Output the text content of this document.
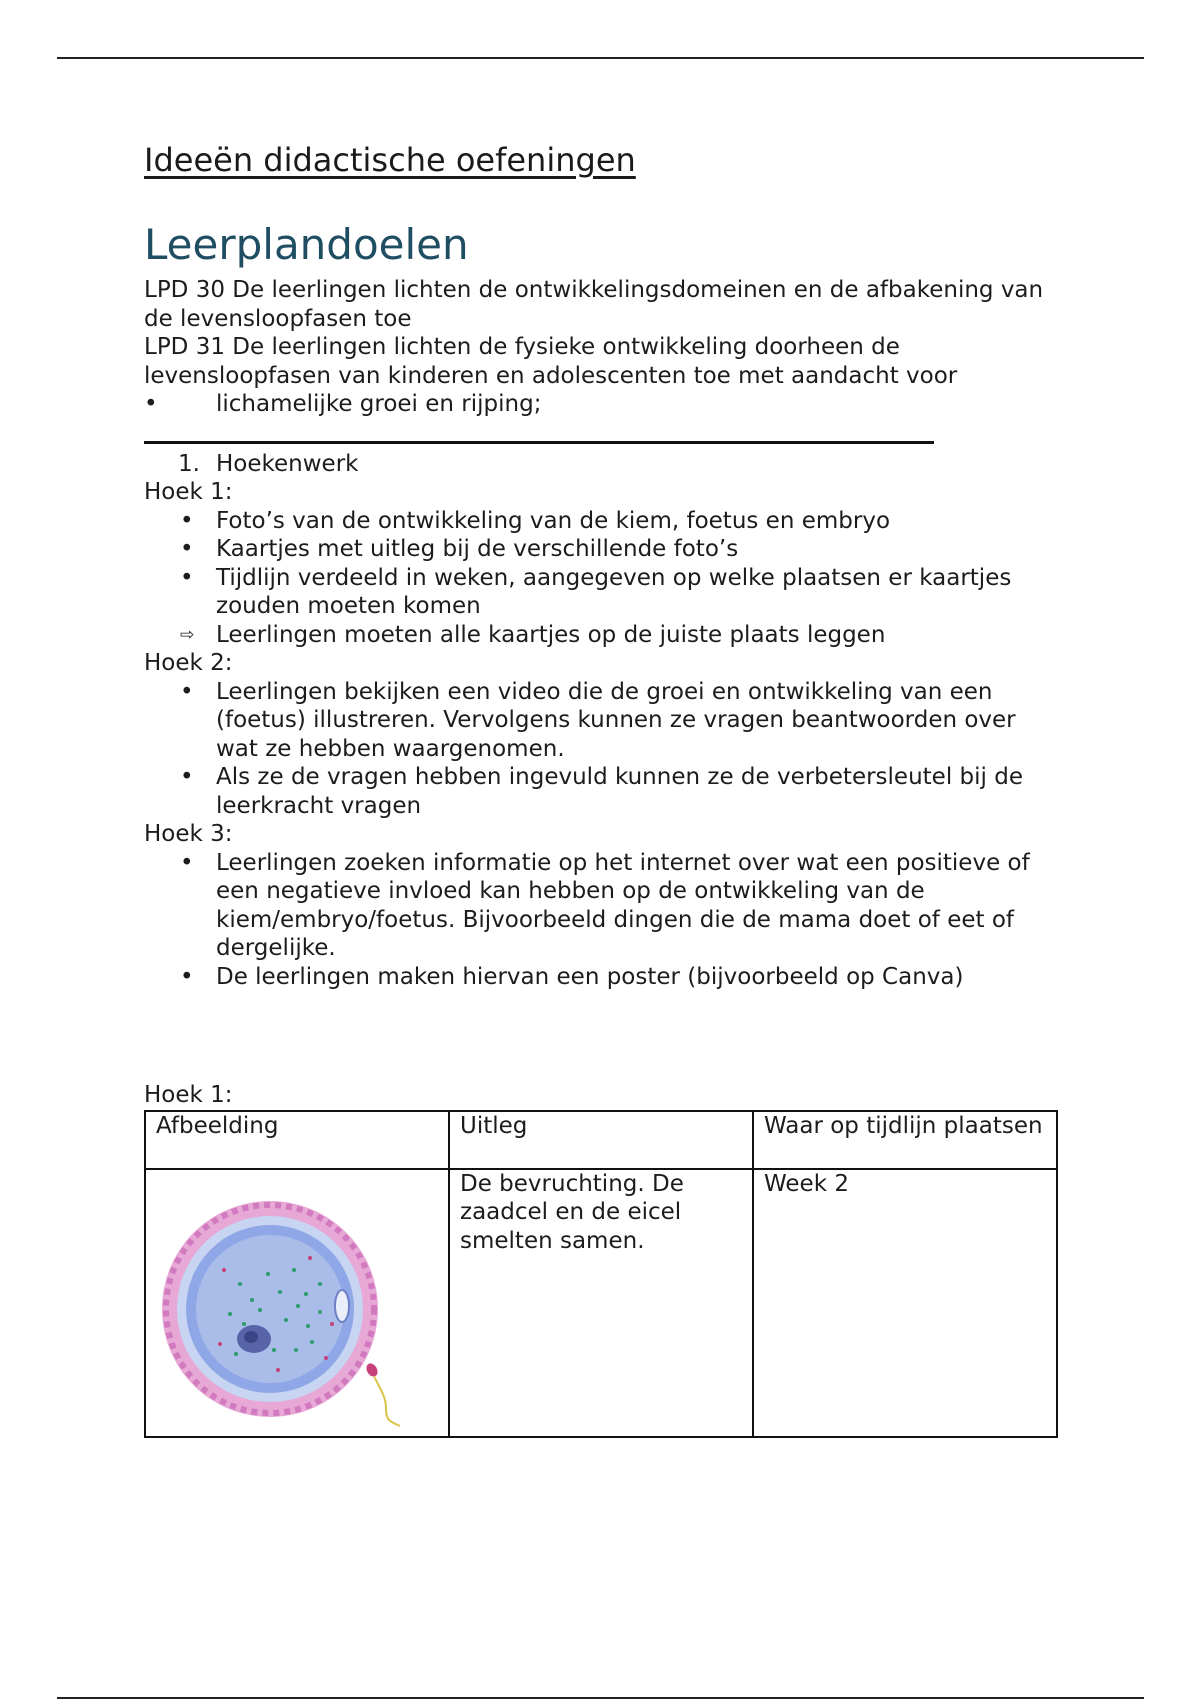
Ideeën didactische oefeningen
Leerplandoelen

LPD 30 De leerlingen lichten de ontwikkelingsdomeinen en de afbakening van de levensloopfasen toe

LPD 31 De leerlingen lichten de fysieke ontwikkeling doorheen de levensloopfasen van kinderen en adolescenten toe met aandacht voor

•	lichamelijke groei en rijping;
1. Hoekenwerk
Hoek 1:
• Foto’s van de ontwikkeling van de kiem, foetus en embryo
• Kaartjes met uitleg bij de verschillende foto’s
• Tijdlijn verdeeld in weken, aangegeven op welke plaatsen er kaartjes zouden moeten komen
⇨ Leerlingen moeten alle kaartjes op de juiste plaats leggen
Hoek 2:
• Leerlingen bekijken een video die de groei en ontwikkeling van een (foetus) illustreren. Vervolgens kunnen ze vragen beantwoorden over wat ze hebben waargenomen.
• Als ze de vragen hebben ingevuld kunnen ze de verbetersleutel bij de leerkracht vragen
Hoek 3:
• Leerlingen zoeken informatie op het internet over wat een positieve of een negatieve invloed kan hebben op de ontwikkeling van de kiem/embryo/foetus. Bijvoorbeeld dingen die de mama doet of eet of dergelijke.
• De leerlingen maken hiervan een poster (bijvoorbeeld op Canva)
Hoek 1:
Afbeelding	Uitleg	Waar op tijdlijn plaatsen

	De bevruchting. De zaadcel en de eicel smelten samen.	Week 2
